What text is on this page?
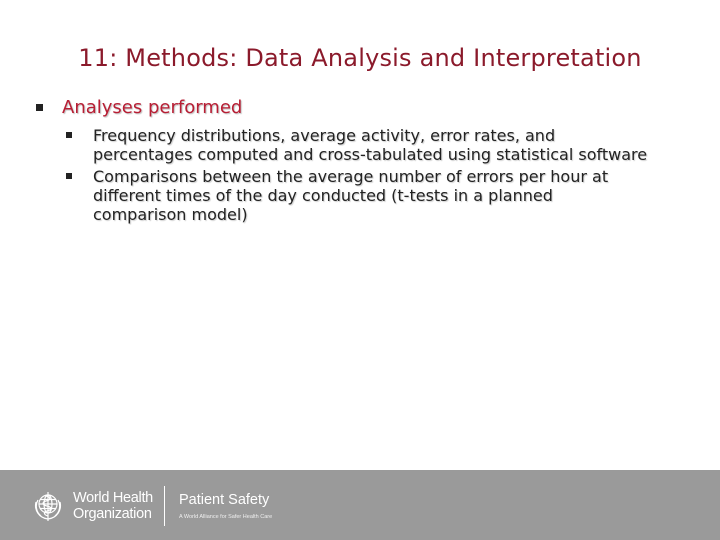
11: Methods: Data Analysis and Interpretation
Analyses performed
Frequency distributions, average activity, error rates, and
percentages computed and cross-tabulated using statistical software
Comparisons between the average number of errors per hour at
different times of the day conducted (t-tests in a planned
comparison model)
World Health
Organization
Patient Safety
A World Alliance for Safer Health Care
